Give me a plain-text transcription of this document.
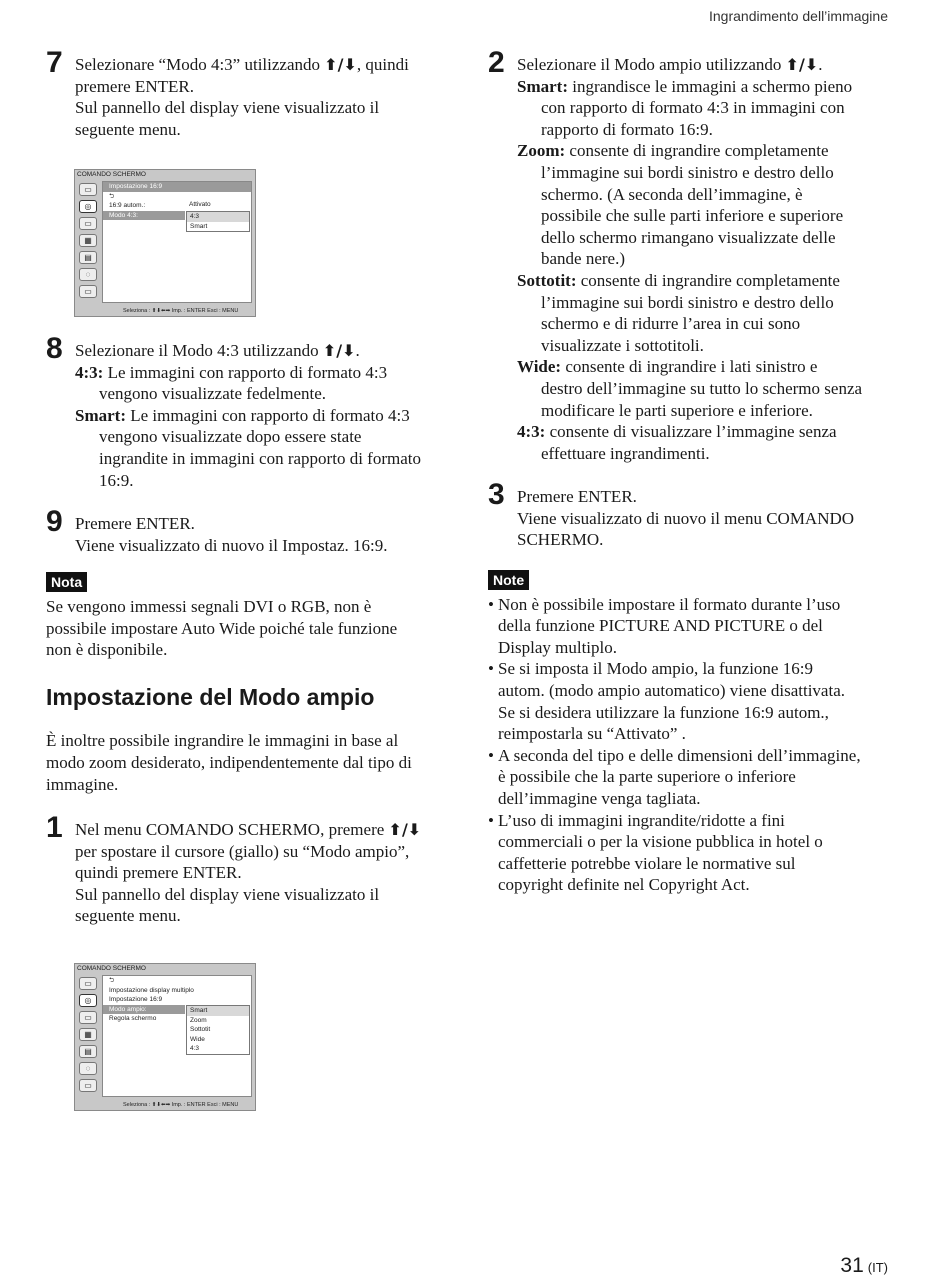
Ingrandimento dell’immagine
7 Selezionare “Modo 4:3” utilizzando ⬆/⬇, quindi
premere ENTER.
Sul pannello del display viene visualizzato il
seguente menu.
COMANDO SCHERMO
▭
◎
▭
▦
▤
◌
▭
Impostazione 16:9
⮌
16:9 autom.:
Modo 4:3:
Attivato
4:3
Smart
Seleziona : ⬆⬇⬅➡ Imp. : ENTER Esci : MENU
8 Selezionare il Modo 4:3 utilizzando ⬆/⬇.
4:3: Le immagini con rapporto di formato 4:3
vengono visualizzate fedelmente.
Smart: Le immagini con rapporto di formato 4:3
vengono visualizzate dopo essere state
ingrandite in immagini con rapporto di formato
16:9.
9 Premere ENTER.
Viene visualizzato di nuovo il Impostaz. 16:9.
Nota
Se vengono immessi segnali DVI o RGB, non è
possibile impostare Auto Wide poiché tale funzione
non è disponibile.
Impostazione del Modo ampio
È inoltre possibile ingrandire le immagini in base al
modo zoom desiderato, indipendentemente dal tipo di
immagine.
1 Nel menu COMANDO SCHERMO, premere ⬆/⬇
per spostare il cursore (giallo) su “Modo ampio”,
quindi premere ENTER.
Sul pannello del display viene visualizzato il
seguente menu.
COMANDO SCHERMO
▭
◎
▭
▦
▤
◌
▭
⮌
Impostazione display multiplo
Impostazione 16:9
Modo ampio:
Regola schermo
Smart
Zoom
Sottotit
Wide
4:3
Seleziona : ⬆⬇⬅➡ Imp. : ENTER Esci : MENU
2 Selezionare il Modo ampio utilizzando ⬆/⬇.
Smart: ingrandisce le immagini a schermo pieno
con rapporto di formato 4:3 in immagini con
rapporto di formato 16:9.
Zoom: consente di ingrandire completamente
l’immagine sui bordi sinistro e destro dello
schermo. (A seconda dell’immagine, è
possibile che sulle parti inferiore e superiore
dello schermo rimangano visualizzate delle
bande nere.)
Sottotit: consente di ingrandire completamente
l’immagine sui bordi sinistro e destro dello
schermo e di ridurre l’area in cui sono
visualizzate i sottotitoli.
Wide: consente di ingrandire i lati sinistro e
destro dell’immagine su tutto lo schermo senza
modificare le parti superiore e inferiore.
4:3: consente di visualizzare l’immagine senza
effettuare ingrandimenti.
3 Premere ENTER.
Viene visualizzato di nuovo il menu COMANDO
SCHERMO.
Note
• Non è possibile impostare il formato durante l’uso
della funzione PICTURE AND PICTURE o del
Display multiplo.
• Se si imposta il Modo ampio, la funzione 16:9
autom. (modo ampio automatico) viene disattivata.
Se si desidera utilizzare la funzione 16:9 autom.,
reimpostarla su “Attivato” .
• A seconda del tipo e delle dimensioni dell’immagine,
è possibile che la parte superiore o inferiore
dell’immagine venga tagliata.
• L’uso di immagini ingrandite/ridotte a fini
commerciali o per la visione pubblica in hotel o
caffetterie potrebbe violare le normative sul
copyright definite nel Copyright Act.
31 (IT)
